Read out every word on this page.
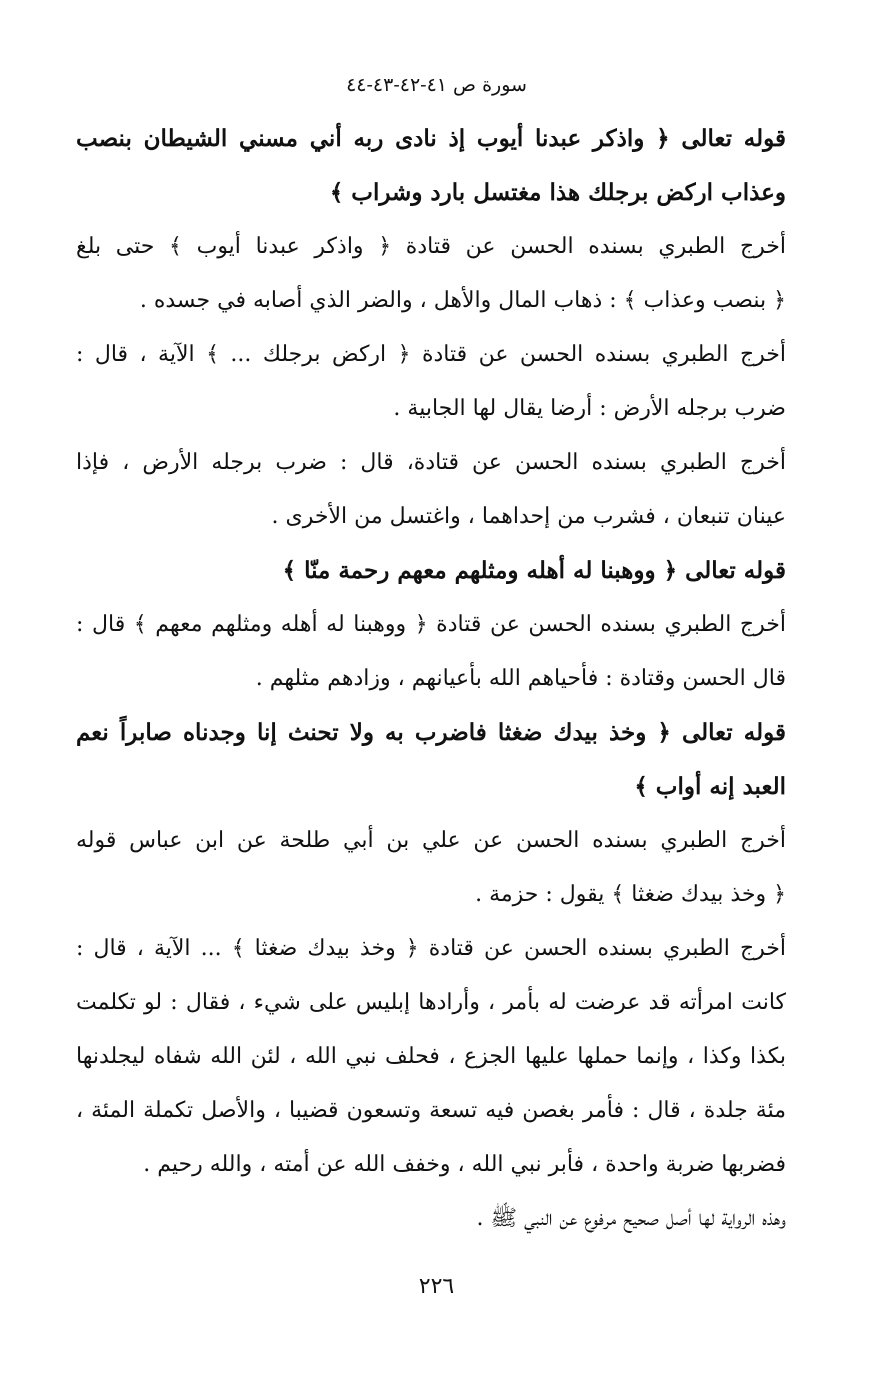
سورة ص ٤١-٤٢-٤٣-٤٤
قوله تعالى ﴿ واذكر عبدنا أيوب إذ نادى ربه أني مسني الشيطان بنصب
وعذاب اركض برجلك هذا مغتسل بارد وشراب ﴾
أخرج الطبري بسنده الحسن عن قتادة ﴿ واذكر عبدنا أيوب ﴾ حتى بلغ
﴿ بنصب وعذاب ﴾ : ذهاب المال والأهل ، والضر الذي أصابه في جسده .
أخرج الطبري بسنده الحسن عن قتادة ﴿ اركض برجلك ... ﴾ الآية ، قال :
ضرب برجله الأرض : أرضا يقال لها الجابية .
أخرج الطبري بسنده الحسن عن قتادة، قال : ضرب برجله الأرض ، فإذا
عينان تنبعان ، فشرب من إحداهما ، واغتسل من الأخرى .
قوله تعالى ﴿ ووهبنا له أهله ومثلهم معهم رحمة منّا ﴾
أخرج الطبري بسنده الحسن عن قتادة ﴿ ووهبنا له أهله ومثلهم معهم ﴾ قال :
قال الحسن وقتادة : فأحياهم الله بأعيانهم ، وزادهم مثلهم .
قوله تعالى ﴿ وخذ بيدك ضغثا فاضرب به ولا تحنث إنا وجدناه صابراً نعم
العبد إنه أواب ﴾
أخرج الطبري بسنده الحسن عن علي بن أبي طلحة عن ابن عباس قوله
﴿ وخذ بيدك ضغثا ﴾ يقول : حزمة .
أخرج الطبري بسنده الحسن عن قتادة ﴿ وخذ بيدك ضغثا ﴾ ... الآية ، قال :
كانت امرأته قد عرضت له بأمر ، وأرادها إبليس على شيء ، فقال : لو تكلمت
بكذا وكذا ، وإنما حملها عليها الجزع ، فحلف نبي الله ، لئن الله شفاه ليجلدنها
مئة جلدة ، قال : فأمر بغصن فيه تسعة وتسعون قضيبا ، والأصل تكملة المئة ،
فضربها ضربة واحدة ، فأبر نبي الله ، وخفف الله عن أمته ، والله رحيم .
وهذه الرواية لها أصل صحيح مرفوع عن النبي ﷺ .
٢٢٦
